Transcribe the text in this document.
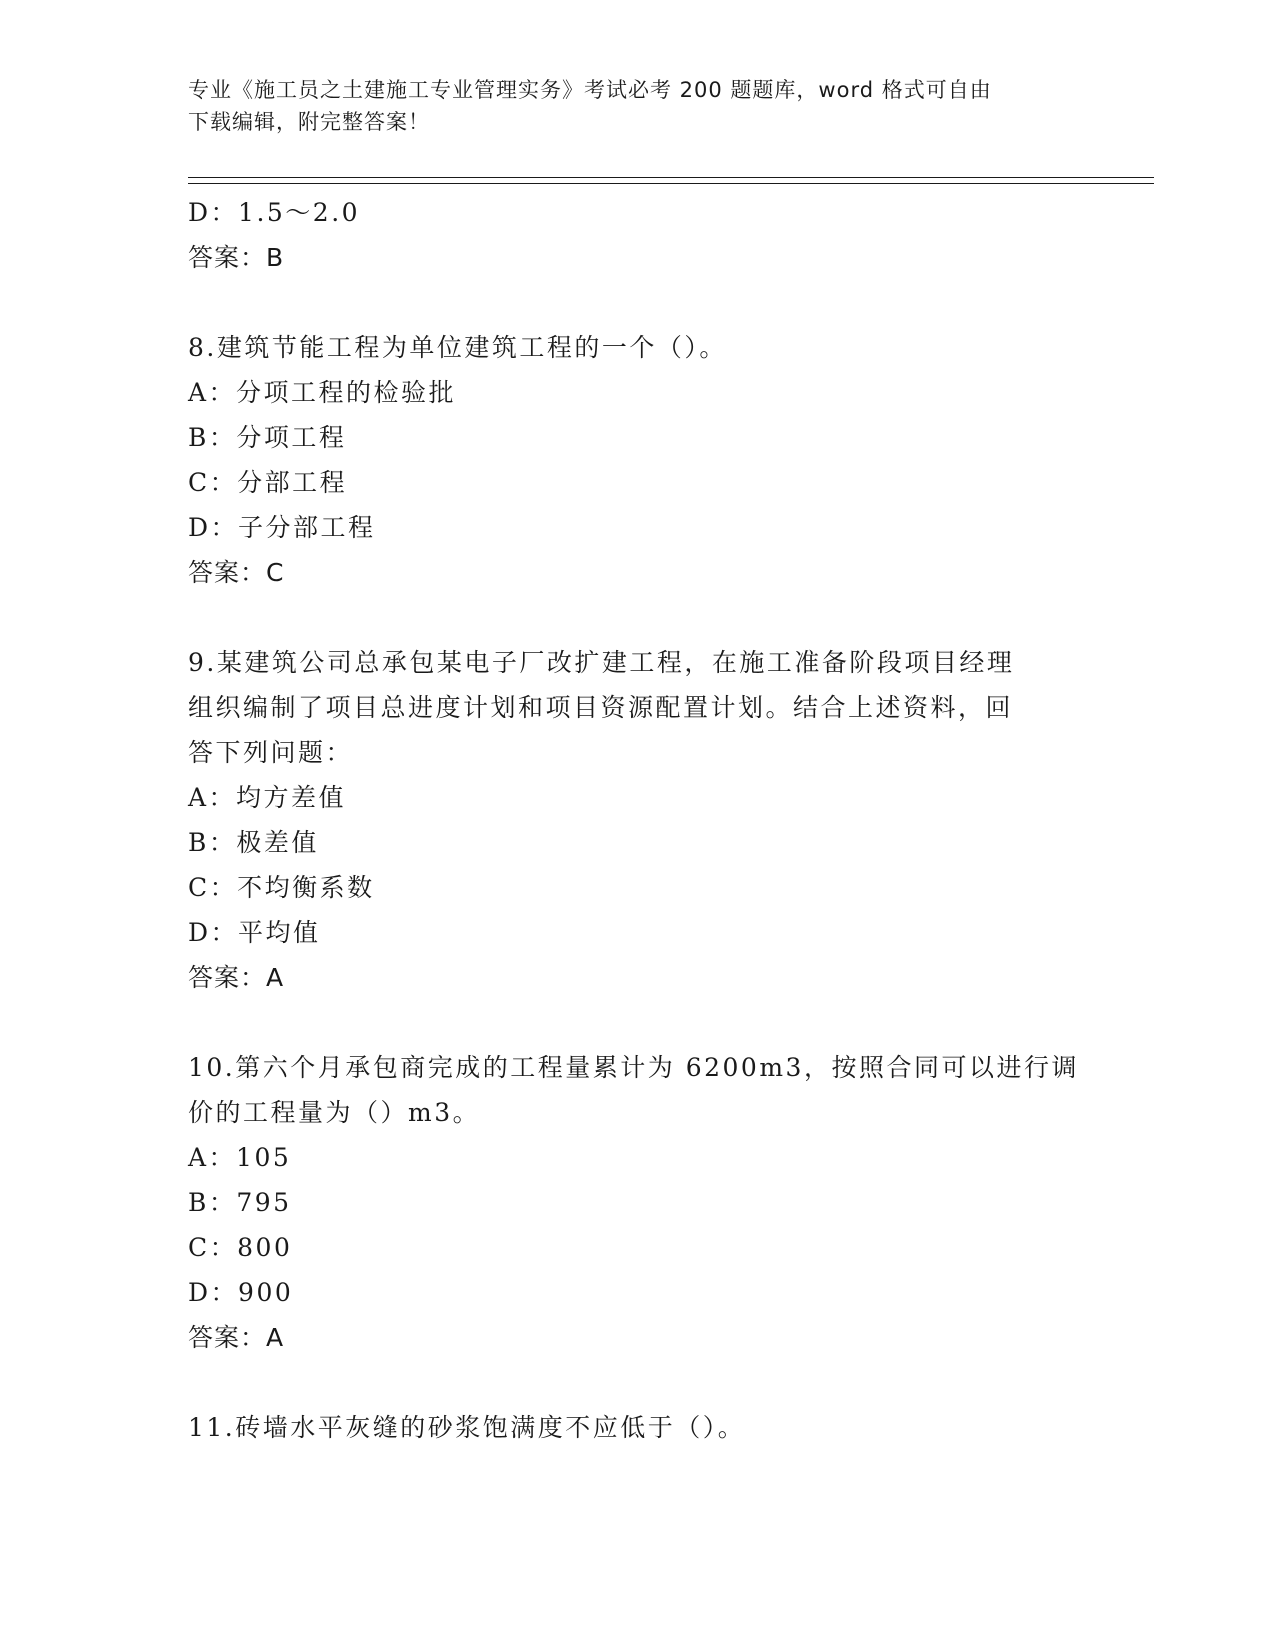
专业《施工员之土建施工专业管理实务》考试必考 200 题题库，word 格式可自由
下载编辑，附完整答案！
D：1.5～2.0
答案：B
8.建筑节能工程为单位建筑工程的一个（）。
A：分项工程的检验批
B：分项工程
C：分部工程
D：子分部工程
答案：C
9.某建筑公司总承包某电子厂改扩建工程，在施工准备阶段项目经理
组织编制了项目总进度计划和项目资源配置计划。结合上述资料，回
答下列问题：
A：均方差值
B：极差值
C：不均衡系数
D：平均值
答案：A
10.第六个月承包商完成的工程量累计为 6200m3，按照合同可以进行调
价的工程量为（）m3。
A：105
B：795
C：800
D：900
答案：A
11.砖墙水平灰缝的砂浆饱满度不应低于（）。
